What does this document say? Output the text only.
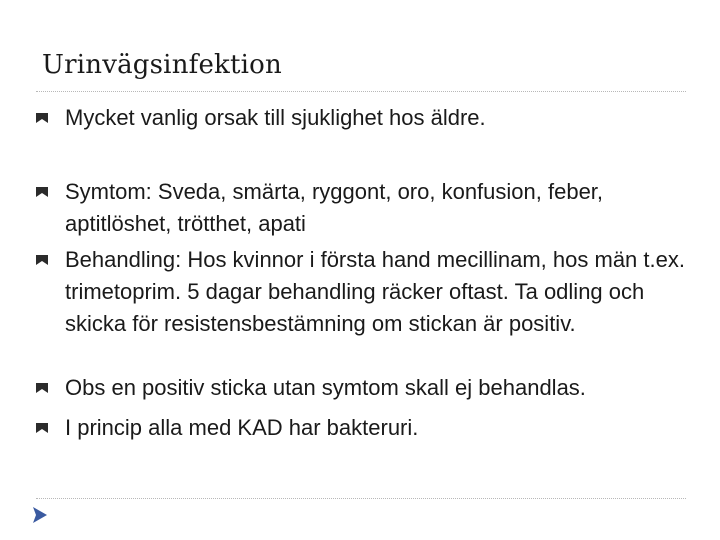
Urinvägsinfektion
Mycket vanlig orsak till sjuklighet hos äldre.
Symtom: Sveda, smärta, ryggont, oro, konfusion, feber, aptitlöshet, trötthet, apati
Behandling: Hos kvinnor i första hand mecillinam, hos män t.ex. trimetoprim. 5 dagar behandling räcker oftast. Ta odling och skicka för resistensbestämning om stickan är positiv.
Obs en positiv sticka utan symtom skall ej behandlas.
I princip alla med KAD har bakteruri.
